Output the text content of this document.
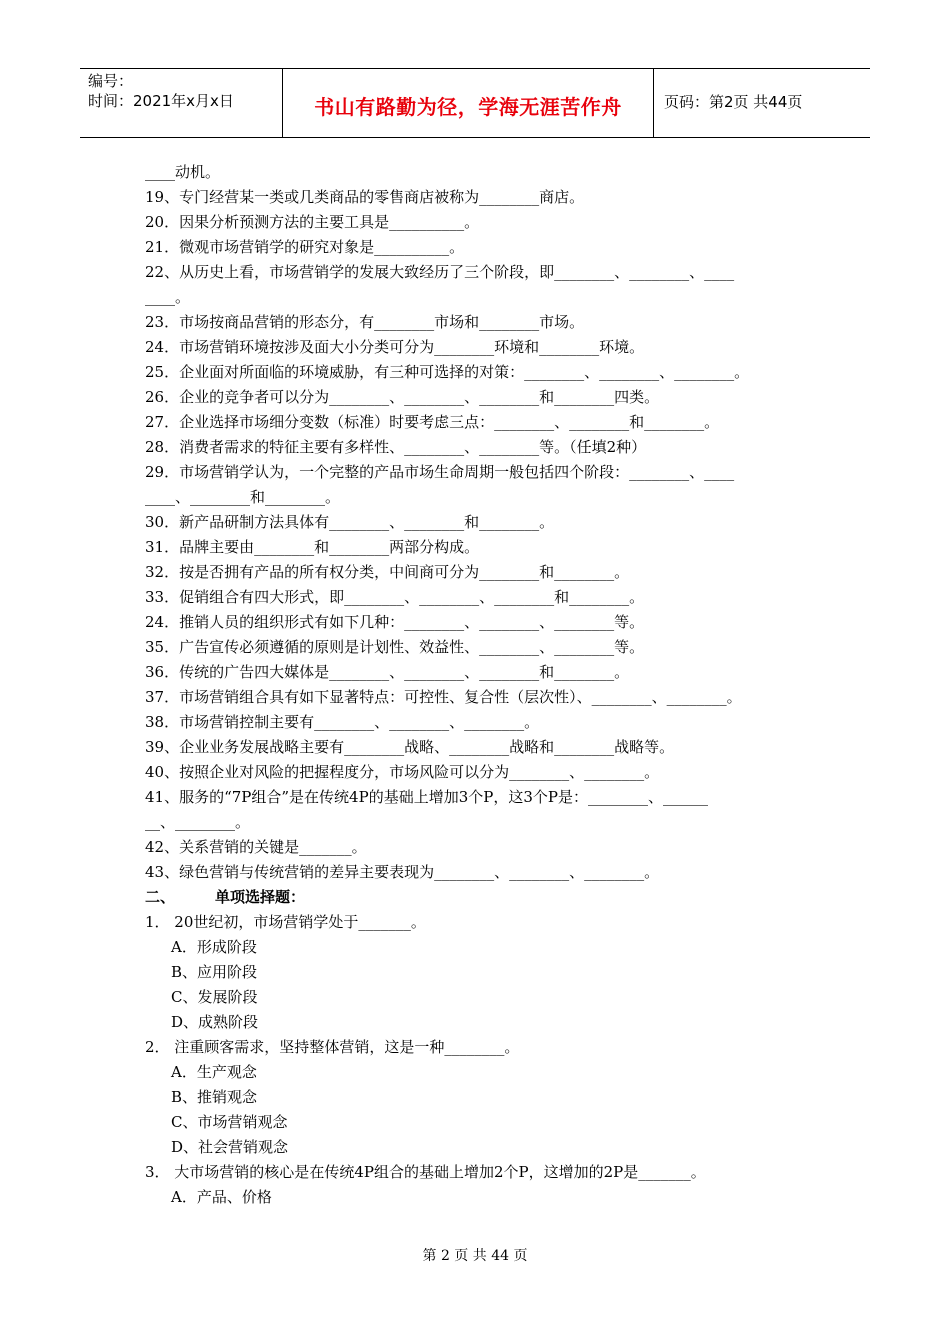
编号：
时间：2021年x月x日	书山有路勤为径，学海无涯苦作舟	页码：第2页 共44页
____动机。
19、专门经营某一类或几类商品的零售商店被称为________商店。
20．因果分析预测方法的主要工具是__________。
21．微观市场营销学的研究对象是__________。
22、从历史上看，市场营销学的发展大致经历了三个阶段，即________、________、____
____。
23．市场按商品营销的形态分，有________市场和________市场。
24．市场营销环境按涉及面大小分类可分为________环境和________环境。
25．企业面对所面临的环境威胁，有三种可选择的对策：________、________、________。
26．企业的竞争者可以分为________、________、________和________四类。
27．企业选择市场细分变数（标准）时要考虑三点：________、________和________。
28．消费者需求的特征主要有多样性、________、________等。（任填2种）
29．市场营销学认为，一个完整的产品市场生命周期一般包括四个阶段：________、____
____、________和________。
30．新产品研制方法具体有________、________和________。
31．品牌主要由________和________两部分构成。
32．按是否拥有产品的所有权分类，中间商可分为________和________。
33．促销组合有四大形式，即________、________、________和________。
24．推销人员的组织形式有如下几种：________、________、________等。
35．广告宣传必须遵循的原则是计划性、效益性、________、________等。
36．传统的广告四大媒体是________、________、________和________。
37．市场营销组合具有如下显著特点：可控性、复合性（层次性）、________、________。
38．市场营销控制主要有________、________、________。
39、企业业务发展战略主要有________战略、________战略和________战略等。
40、按照企业对风险的把握程度分，市场风险可以分为________、________。
41、服务的“7P组合”是在传统4P的基础上增加3个P，这3个P是：________、______
__、________。
42、关系营销的关键是_______。
43、绿色营销与传统营销的差异主要表现为________、________、________。
二、	单项选择题：
1． 20世纪初，市场营销学处于_______。
A．形成阶段
B、应用阶段
C、发展阶段
D、成熟阶段
2． 注重顾客需求，坚持整体营销，这是一种________。
A．生产观念
B、推销观念
C、市场营销观念
D、社会营销观念
3． 大市场营销的核心是在传统4P组合的基础上增加2个P，这增加的2P是_______。
A．产品、价格
第 2 页 共 44 页
